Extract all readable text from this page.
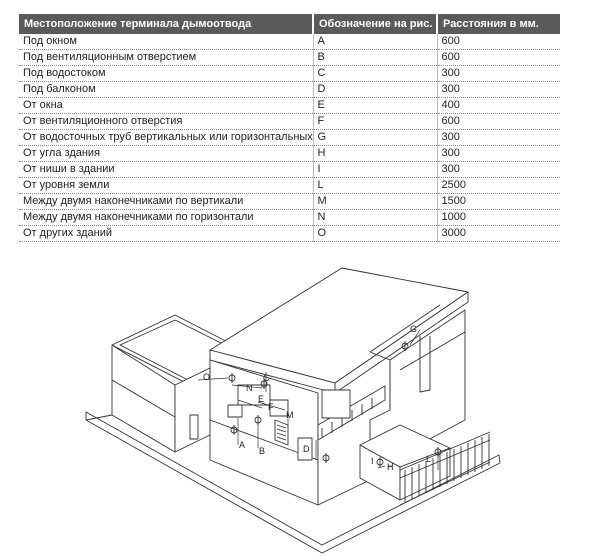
Местоположение терминала дымоотвода	Обозначение на рис.	Расстояния в мм.
Под окном	A	600
Под вентиляционным отверстием	B	600
Под водостоком	C	300
Под балконом	D	300
От окна	E	400
От вентиляционного отверстия	F	600
От водосточных труб вертикальных или горизонтальных	G	300
От угла здания	H	300
От ниши в здании	I	300
От уровня земли	L	2500
Между двумя наконечниками по вертикали	M	1500
Между двумя наконечниками по горизонтали	N	1000
От других зданий	O	3000
O
N
C
E
F
M
A
B	D
G
I
H
L
